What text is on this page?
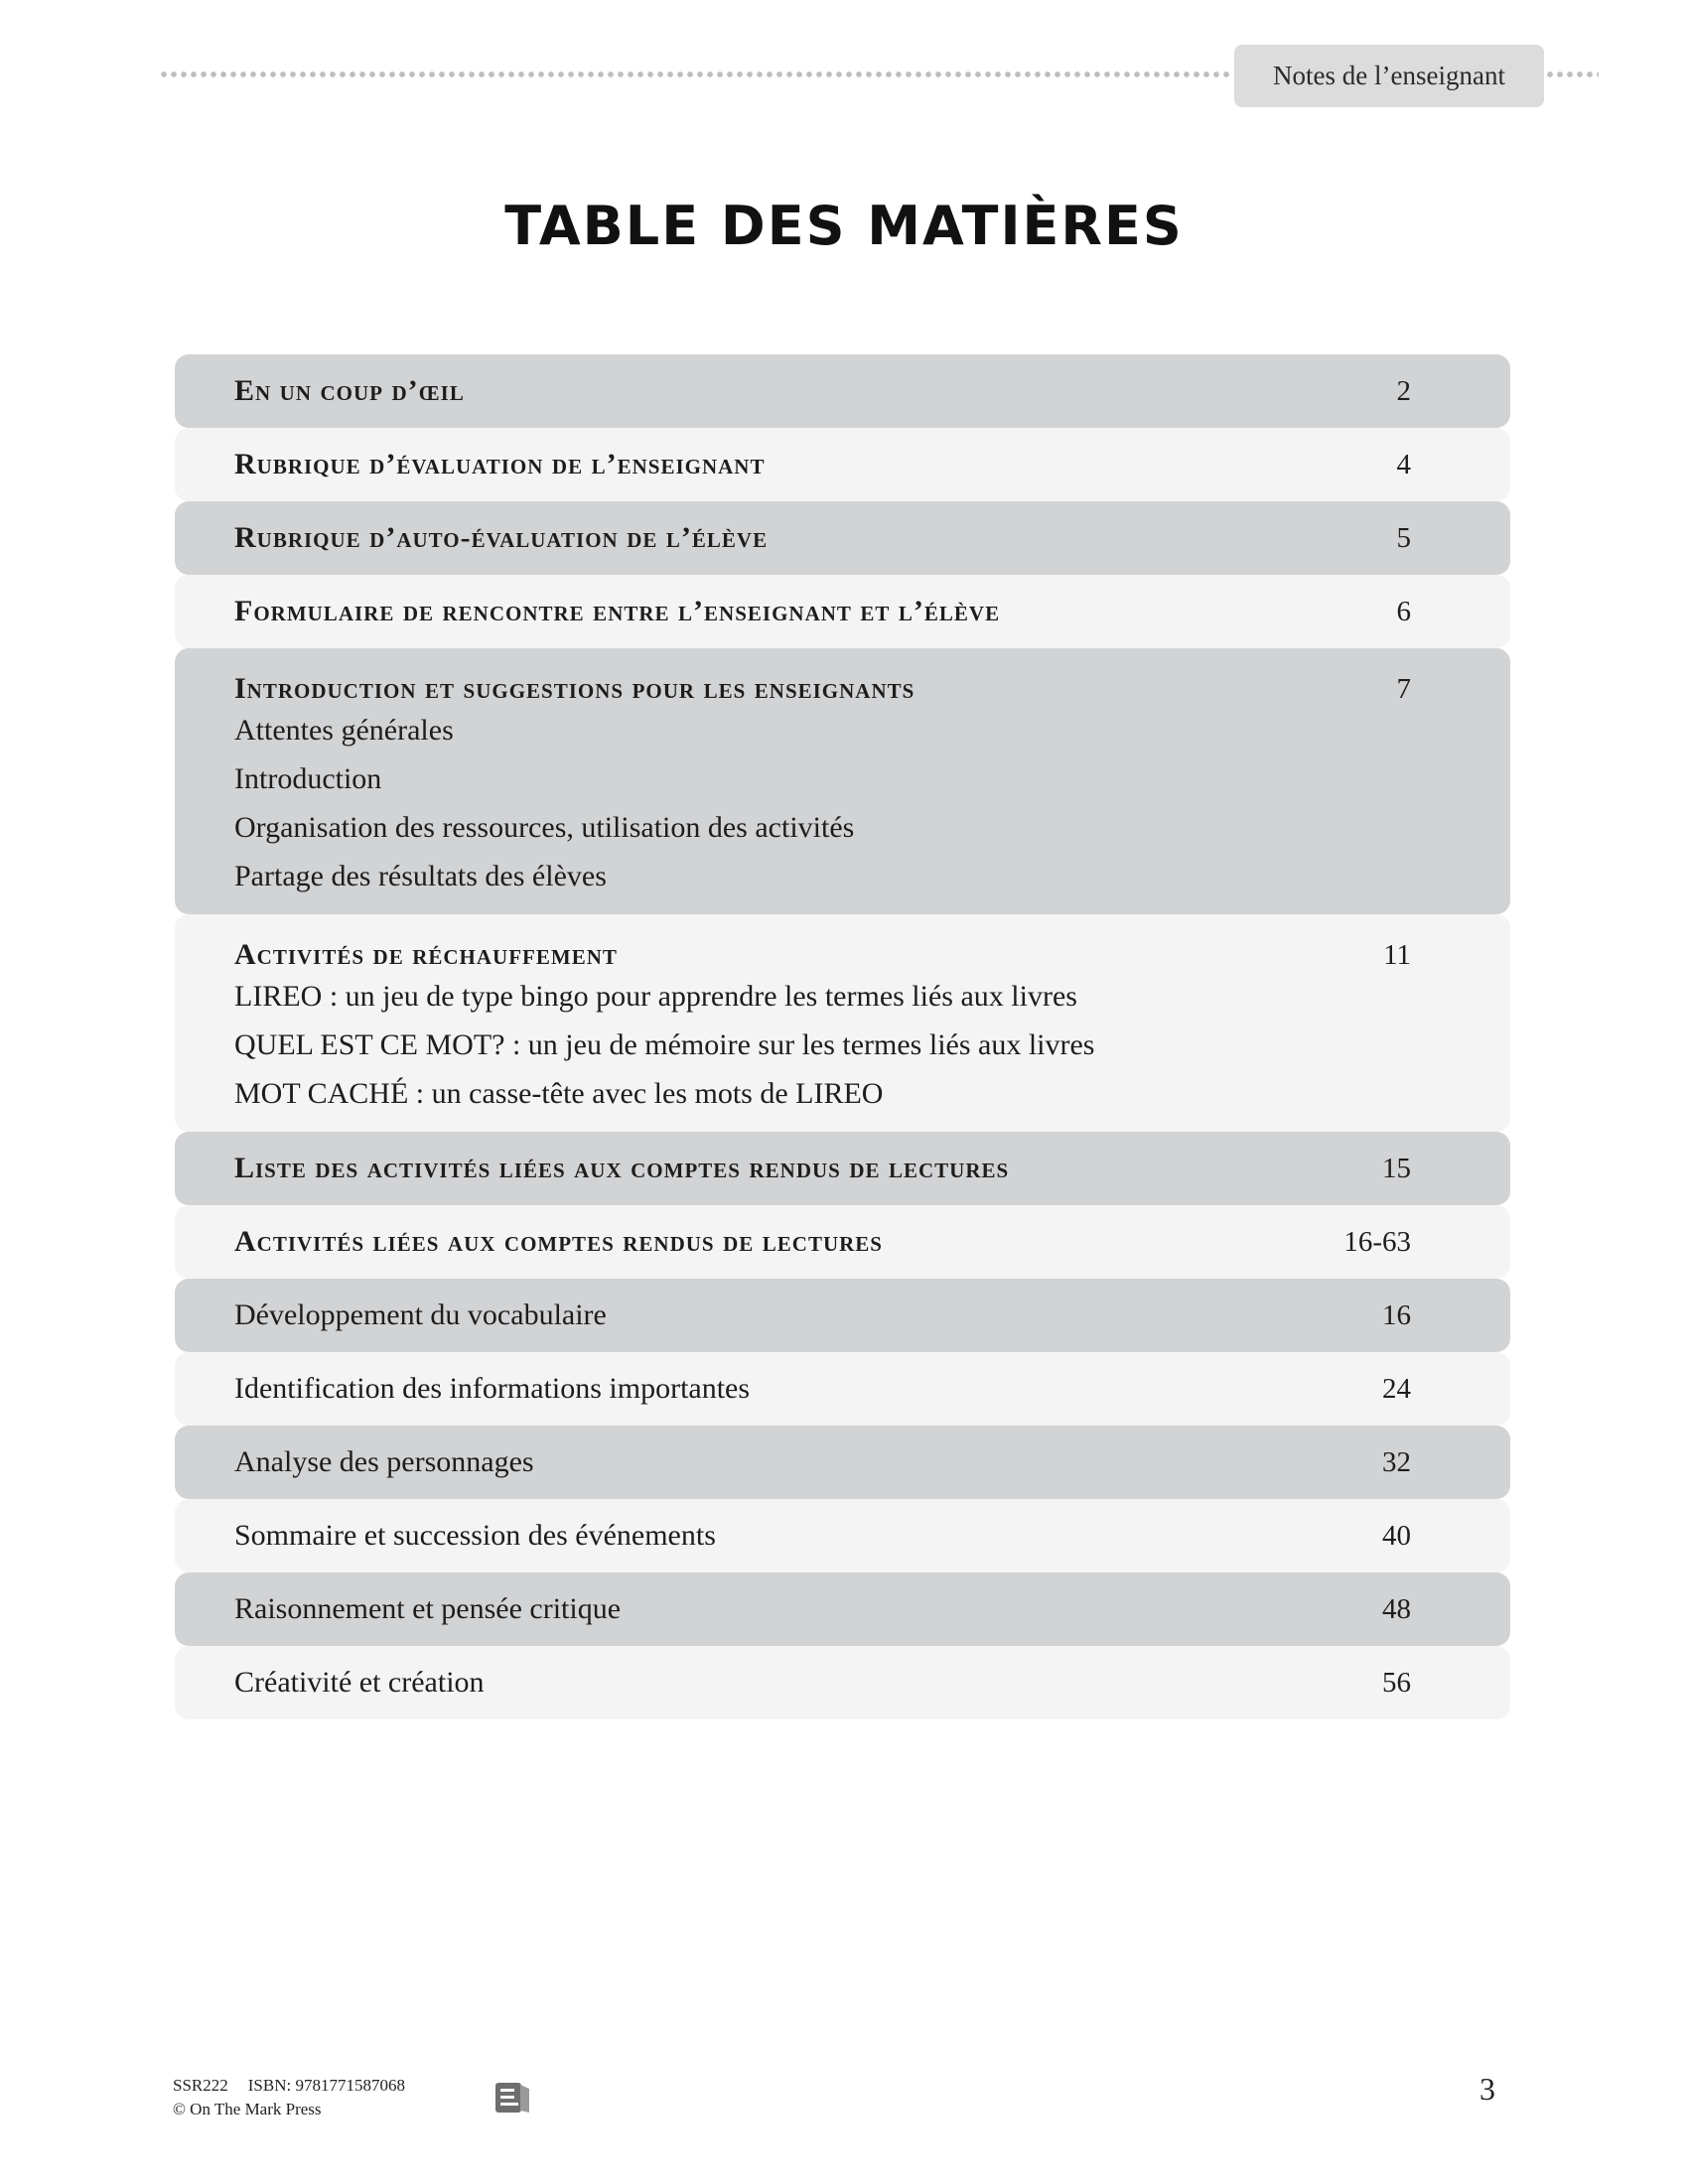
Notes de l’enseignant
TABLE DES MATIÈRES
En un coup d’œil	2
Rubrique d’évaluation de l’enseignant	4
Rubrique d’auto-évaluation de l’élève	5
Formulaire de rencontre entre l’enseignant et l’élève	6
Introduction et suggestions pour les enseignants	7
Attentes générales
Introduction
Organisation des ressources, utilisation des activités
Partage des résultats des élèves
Activités de réchauffement	11
LIREO : un jeu de type bingo pour apprendre les termes liés aux livres
QUEL EST CE MOT? : un jeu de mémoire sur les termes liés aux livres
MOT CACHÉ : un casse-tête avec les mots de LIREO
Liste des activités liées aux comptes rendus de lectures	15
Activités liées aux comptes rendus de lectures	16-63
Développement du vocabulaire	16
Identification des informations importantes	24
Analyse des personnages	32
Sommaire et succession des événements	40
Raisonnement et pensée critique	48
Créativité et création	56
SSR222 ISBN: 9781771587068
© On The Mark Press
3
